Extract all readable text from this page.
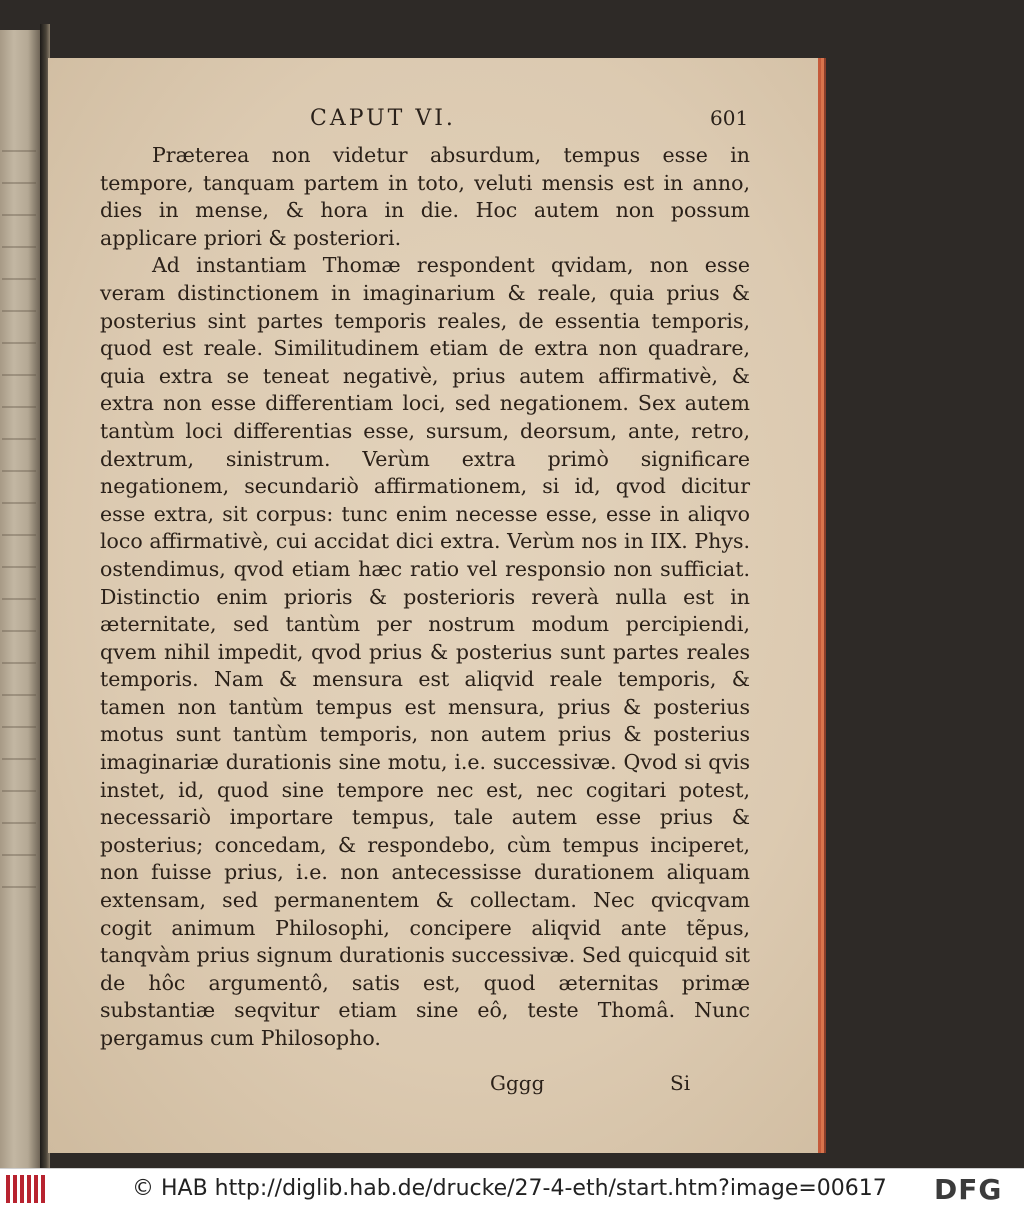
CAPUT VI.	601

Præterea non videtur absurdum, tempus esse in tempore, tanquam partem in toto, veluti mensis est in anno, dies in mense, & hora in die. Hoc autem non possum applicare priori & posteriori.

Ad instantiam Thomæ respondent qvidam, non esse veram distinctionem in imaginarium & reale, quia prius & posterius sint partes temporis reales, de essentia temporis, quod est reale. Similitudinem etiam de extra non quadrare, quia extra se teneat negativè, prius autem affirmativè, & extra non esse differentiam loci, sed negationem. Sex autem tantùm loci differentias esse, sursum, deorsum, ante, retro, dextrum, sinistrum. Verùm extra primò significare negationem, secundariò affirmationem, si id, qvod dicitur esse extra, sit corpus: tunc enim necesse esse, esse in aliqvo loco affirmativè, cui accidat dici extra. Verùm nos in IIX. Phys. ostendimus, qvod etiam hæc ratio vel responsio non sufficiat. Distinctio enim prioris & posterioris reverà nulla est in æternitate, sed tantùm per nostrum modum percipiendi, qvem nihil impedit, qvod prius & posterius sunt partes reales temporis. Nam & mensura est aliqvid reale temporis, & tamen non tantùm tempus est mensura, prius & posterius motus sunt tantùm temporis, non autem prius & posterius imaginariæ durationis sine motu, i.e. successivæ. Qvod si qvis instet, id, quod sine tempore nec est, nec cogitari potest, necessariò importare tempus, tale autem esse prius & posterius; concedam, & respondebo, cùm tempus inciperet, non fuisse prius, i.e. non antecessisse durationem aliquam extensam, sed permanentem & collectam. Nec qvicqvam cogit animum Philosophi, concipere aliqvid ante tẽpus, tanqvàm prius signum durationis successivæ. Sed quicquid sit de hôc argumentô, satis est, quod æternitas primæ substantiæ seqvitur etiam sine eô, teste Thomâ. Nunc pergamus cum Philosopho.

Gggg	Si
© HAB http://diglib.hab.de/drucke/27-4-eth/start.htm?image=00617 DFG
